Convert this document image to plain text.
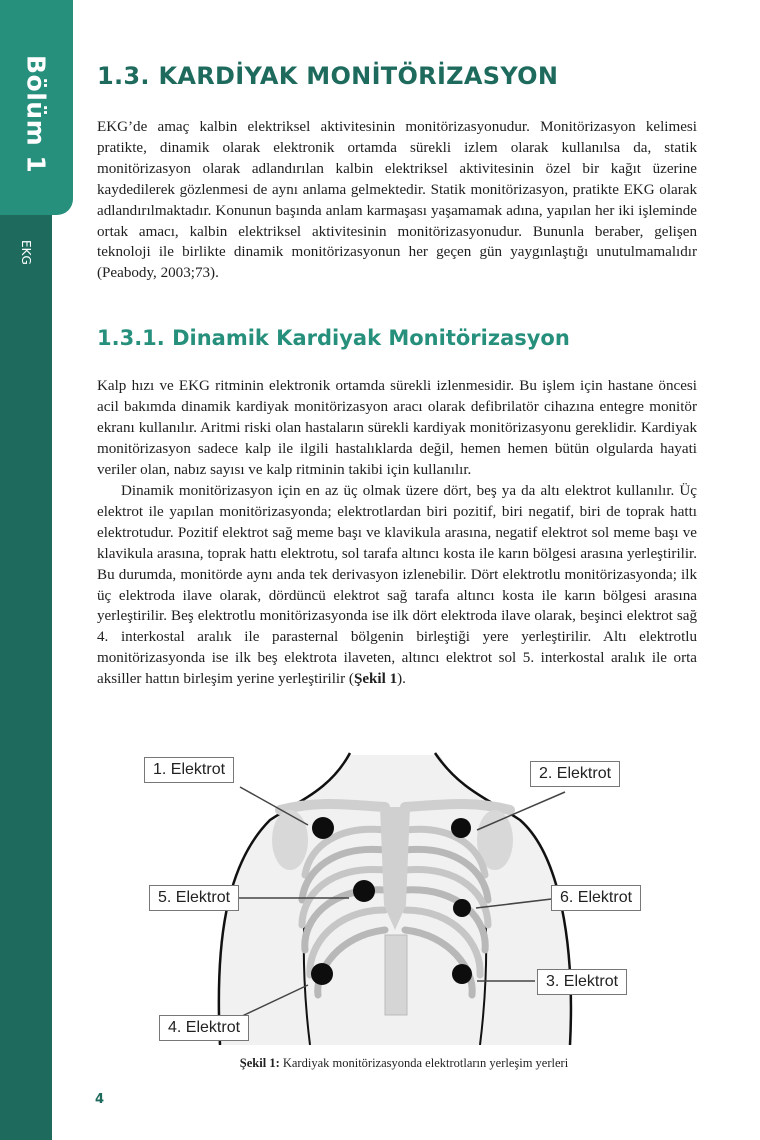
Bölüm 1
EKG
1.3. KARDİYAK MONİTÖRİZASYON

EKG’de amaç kalbin elektriksel aktivitesinin monitörizasyonudur. Monitörizasyon kelimesi pratikte, dinamik olarak elektronik ortamda sürekli izlem olarak kullanılsa da, statik monitörizasyon olarak adlandırılan kalbin elektriksel aktivitesinin özel bir kağıt üzerine kaydedilerek gözlenmesi de aynı anlama gelmektedir. Statik monitörizasyon, pratikte EKG olarak adlandırılmaktadır. Konunun başında anlam karmaşası yaşamamak adına, yapılan her iki işleminde ortak amacı, kalbin elektriksel aktivitesinin monitörizasyonudur. Bununla beraber, gelişen teknoloji ile birlikte dinamik monitörizasyonun her geçen gün yaygınlaştığı unutulmamalıdır (Peabody, 2003;73).

1.3.1. Dinamik Kardiyak Monitörizasyon

Kalp hızı ve EKG ritminin elektronik ortamda sürekli izlenmesidir. Bu işlem için hastane öncesi acil bakımda dinamik kardiyak monitörizasyon aracı olarak defibrilatör cihazına entegre monitör ekranı kullanılır. Aritmi riski olan hastaların sürekli kardiyak monitörizasyonu gereklidir. Kardiyak monitörizasyon sadece kalp ile ilgili hastalıklarda değil, hemen hemen bütün olgularda hayati veriler olan, nabız sayısı ve kalp ritminin takibi için kullanılır.

Dinamik monitörizasyon için en az üç olmak üzere dört, beş ya da altı elektrot kullanılır. Üç elektrot ile yapılan monitörizasyonda; elektrotlardan biri pozitif, biri negatif, biri de toprak hattı elektrotudur. Pozitif elektrot sağ meme başı ve klavikula arasına, negatif elektrot sol meme başı ve klavikula arasına, toprak hattı elektrotu, sol tarafa altıncı kosta ile karın bölgesi arasına yerleştirilir. Bu durumda, monitörde aynı anda tek derivasyon izlenebilir. Dört elektrotlu monitörizasyonda; ilk üç elektroda ilave olarak, dördüncü elektrot sağ tarafa altıncı kosta ile karın bölgesi arasına yerleştirilir. Beş elektrotlu monitörizasyonda ise ilk dört elektroda ilave olarak, beşinci elektrot sağ 4. interkostal aralık ile parasternal bölgenin birleştiği yere yerleştirilir. Altı elektrotlu monitörizasyonda ise ilk beş elektrota ilaveten, altıncı elektrot sol 5. interkostal aralık ile orta aksiller hattın birleşim yerine yerleştirilir (Şekil 1).

1. Elektrot	2. Elektrot
5. Elektrot	6. Elektrot
3. Elektrot
4. Elektrot
Şekil 1: Kardiyak monitörizasyonda elektrotların yerleşim yerleri
4
